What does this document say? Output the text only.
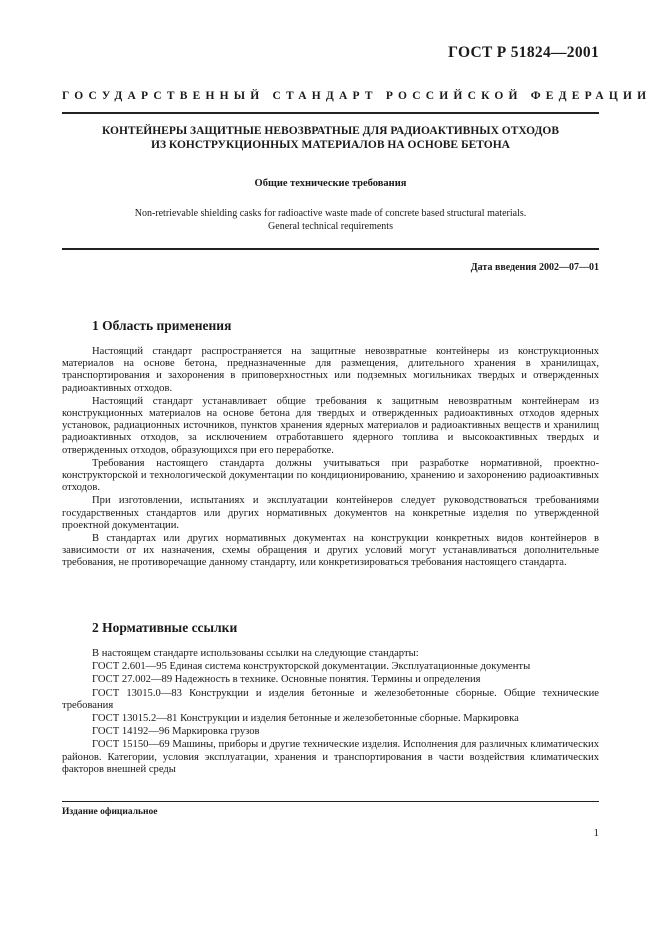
ГОСТ Р 51824—2001
ГОСУДАРСТВЕННЫЙ СТАНДАРТ РОССИЙСКОЙ ФЕДЕРАЦИИ
КОНТЕЙНЕРЫ ЗАЩИТНЫЕ НЕВОЗВРАТНЫЕ ДЛЯ РАДИОАКТИВНЫХ ОТХОДОВ
ИЗ КОНСТРУКЦИОННЫХ МАТЕРИАЛОВ НА ОСНОВЕ БЕТОНА
Общие технические требования
Non-retrievable shielding casks for radioactive waste made of concrete based structural materials.
General technical requirements
Дата введения 2002—07—01
1 Область применения

Настоящий стандарт распространяется на защитные невозвратные контейнеры из конструкционных материалов на основе бетона, предназначенные для размещения, длительного хранения в хранилищах, транспортирования и захоронения в приповерхностных или подземных могильниках твердых и отвержденных радиоактивных отходов.

Настоящий стандарт устанавливает общие требования к защитным невозвратным контейнерам из конструкционных материалов на основе бетона для твердых и отвержденных радиоактивных отходов ядерных установок, радиационных источников, пунктов хранения ядерных материалов и радиоактивных веществ и хранилищ радиоактивных отходов, за исключением отработавшего ядерного топлива и высокоактивных твердых и отвержденных отходов, образующихся при его переработке.

Требования настоящего стандарта должны учитываться при разработке нормативной, проектно-конструкторской и технологической документации по кондиционированию, хранению и захоронению радиоактивных отходов.

При изготовлении, испытаниях и эксплуатации контейнеров следует руководствоваться требованиями государственных стандартов или других нормативных документов на конкретные изделия по утвержденной проектной документации.

В стандартах или других нормативных документах на конструкции конкретных видов контейнеров в зависимости от их назначения, схемы обращения и других условий могут устанавливаться дополнительные требования, не противоречащие данному стандарту, или конкретизироваться требования настоящего стандарта.

2 Нормативные ссылки

В настоящем стандарте использованы ссылки на следующие стандарты:

ГОСТ 2.601—95 Единая система конструкторской документации. Эксплуатационные документы

ГОСТ 27.002—89 Надежность в технике. Основные понятия. Термины и определения

ГОСТ 13015.0—83 Конструкции и изделия бетонные и железобетонные сборные. Общие технические требования

ГОСТ 13015.2—81 Конструкции и изделия бетонные и железобетонные сборные. Маркировка

ГОСТ 14192—96 Маркировка грузов

ГОСТ 15150—69 Машины, приборы и другие технические изделия. Исполнения для различных климатических районов. Категории, условия эксплуатации, хранения и транспортирования в части воздействия климатических факторов внешней среды

Издание официальное
1
